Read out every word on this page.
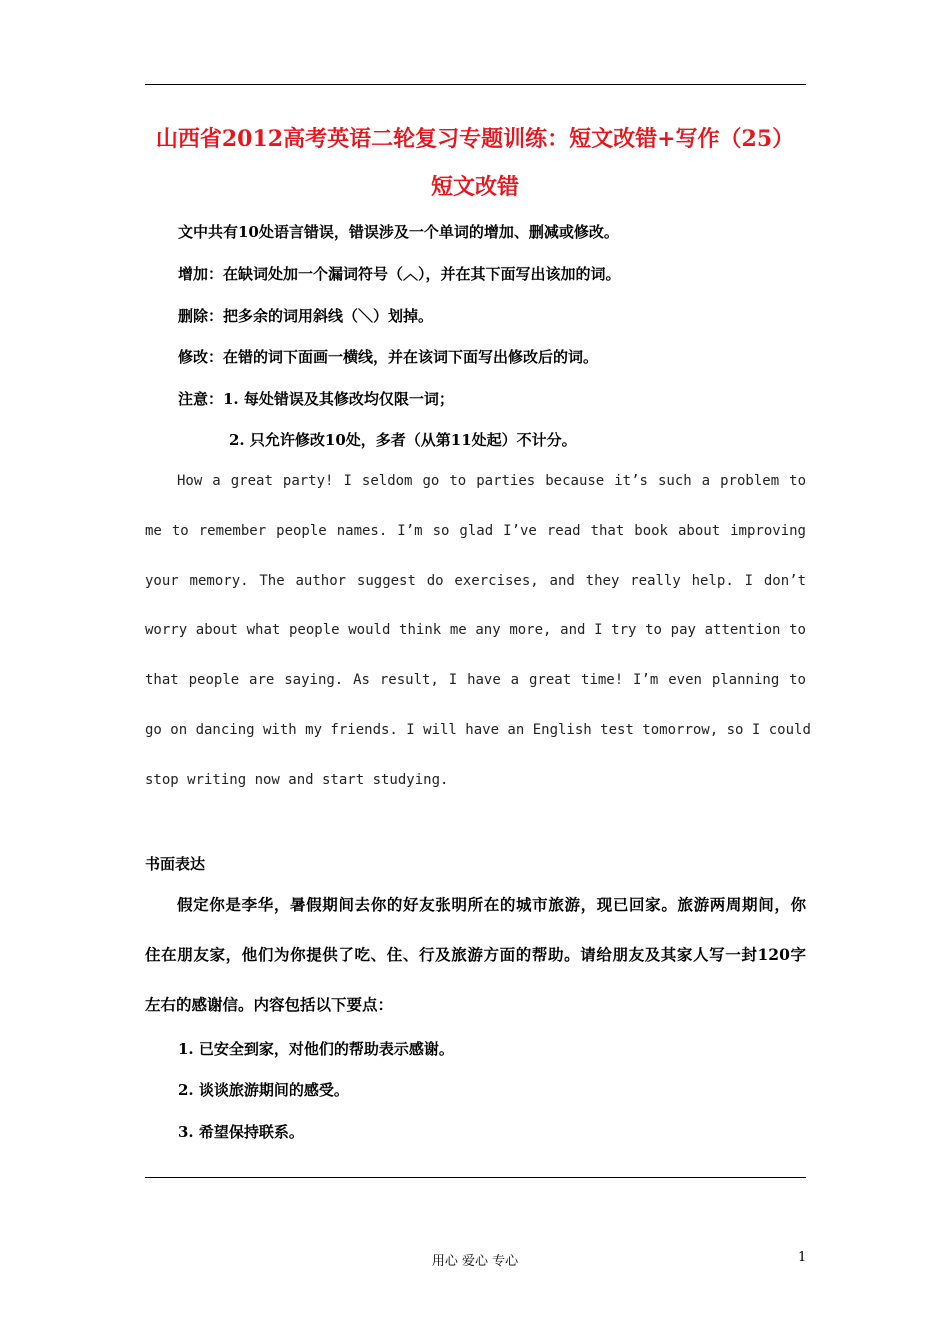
山西省2012高考英语二轮复习专题训练：短文改错+写作（25）
短文改错
文中共有10处语言错误，错误涉及一个单词的增加、删减或修改。
增加：在缺词处加一个漏词符号（︿），并在其下面写出该加的词。
删除：把多余的词用斜线（＼）划掉。
修改：在错的词下面画一横线，并在该词下面写出修改后的词。
注意：1. 每处错误及其修改均仅限一词；
2. 只允许修改10处，多者（从第11处起）不计分。
How a great party! I seldom go to parties because it’s such a problem to
me to remember people names. I’m so glad I’ve read that book about improving
your memory. The author suggest do exercises, and they really help. I don’t
worry about what people would think me any more, and I try to pay attention to
that people are saying. As result, I have a great time! I’m even planning to
go on dancing with my friends. I will have an English test tomorrow, so I could
stop writing now and start studying.
书面表达
假定你是李华，暑假期间去你的好友张明所在的城市旅游，现已回家。旅游两周期间，你
住在朋友家，他们为你提供了吃、住、行及旅游方面的帮助。请给朋友及其家人写一封120字
左右的感谢信。内容包括以下要点：
1. 已安全到家，对他们的帮助表示感谢。
2. 谈谈旅游期间的感受。
3. 希望保持联系。
用心 爱心 专心	1
